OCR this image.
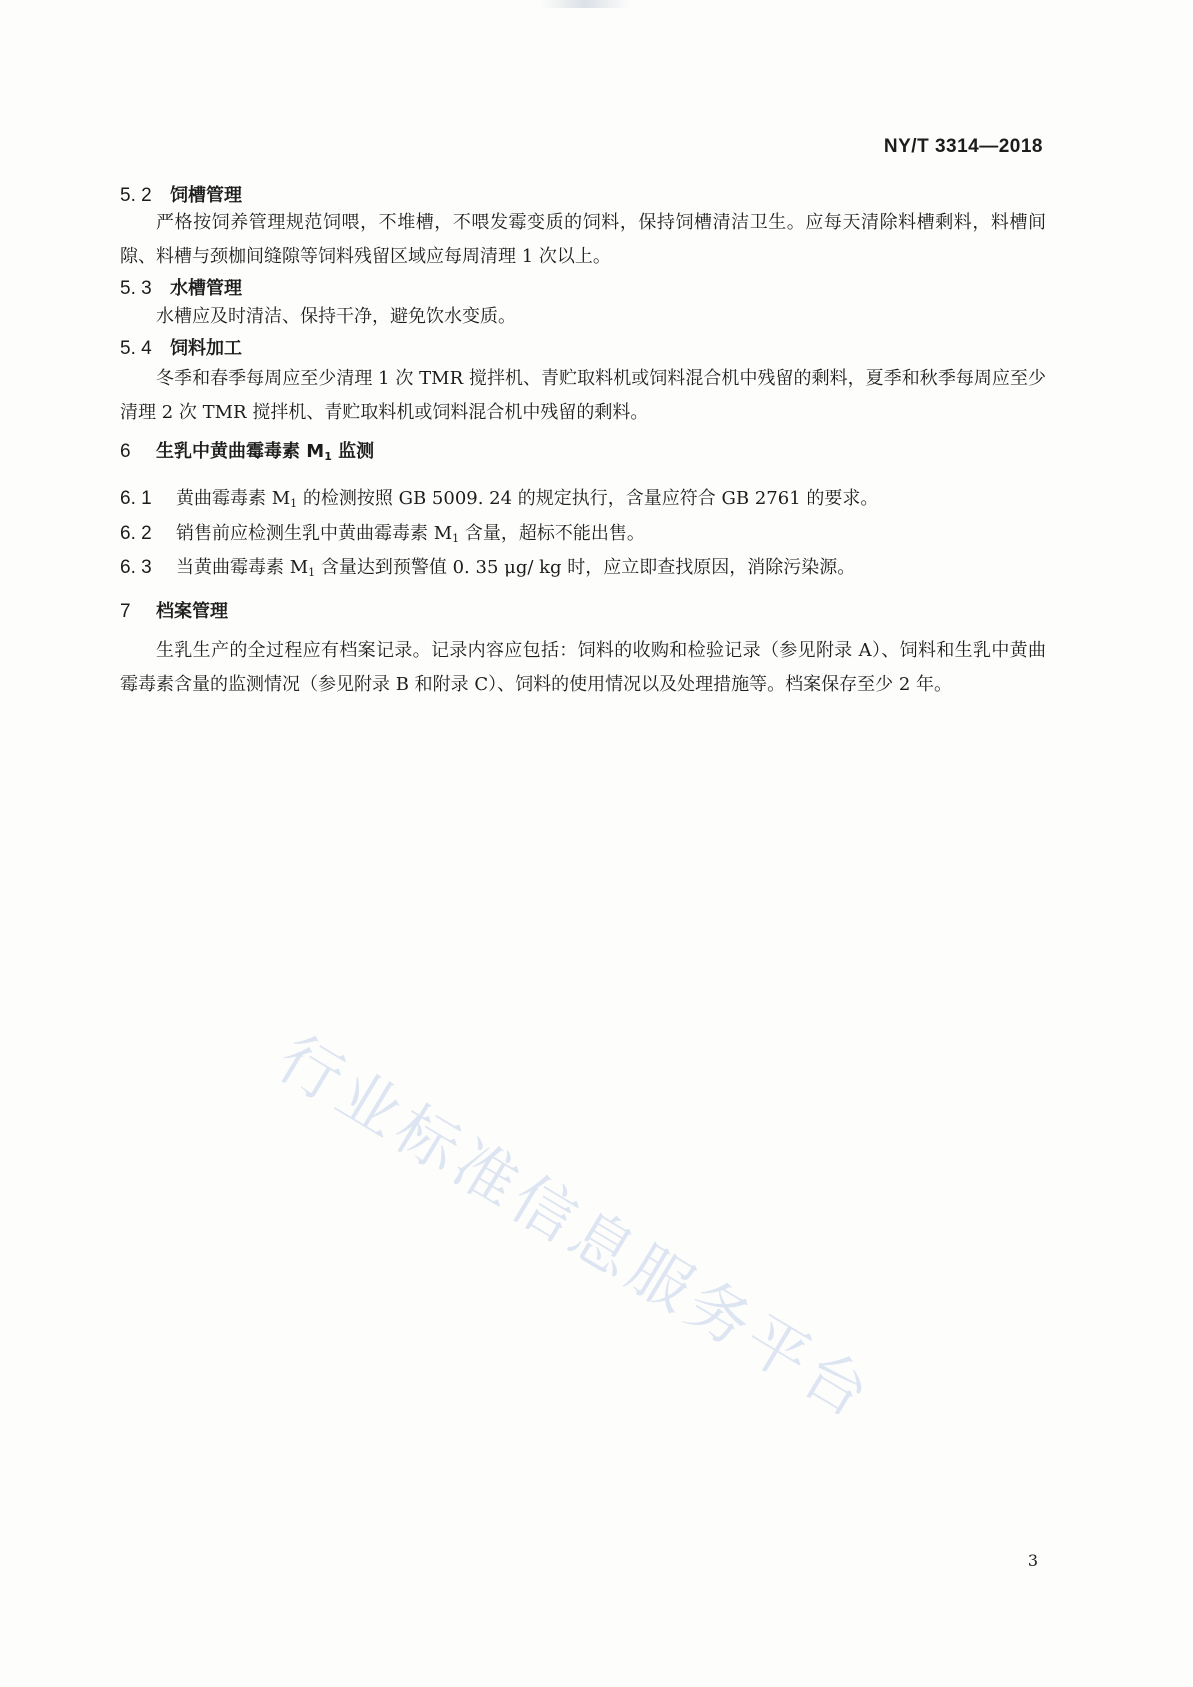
NY/T 3314—2018
5. 2 饲槽管理
严格按饲养管理规范饲喂，不堆槽，不喂发霉变质的饲料，保持饲槽清洁卫生。应每天清除料槽剩料，料槽间隙、料槽与颈枷间缝隙等饲料残留区域应每周清理 1 次以上。
5. 3 水槽管理
水槽应及时清洁、保持干净，避免饮水变质。
5. 4 饲料加工
冬季和春季每周应至少清理 1 次 TMR 搅拌机、青贮取料机或饲料混合机中残留的剩料，夏季和秋季每周应至少清理 2 次 TMR 搅拌机、青贮取料机或饲料混合机中残留的剩料。
6 生乳中黄曲霉毒素 $M_1$ 监测
6. 1 黄曲霉毒素 $M_1$ 的检测按照 GB 5009. 24 的规定执行，含量应符合 GB 2761 的要求。
6. 2 销售前应检测生乳中黄曲霉毒素 $M_1$ 含量，超标不能出售。
6. 3 当黄曲霉毒素 $M_1$ 含量达到预警值 0. 35 μg/ kg 时，应立即查找原因，消除污染源。
7 档案管理
生乳生产的全过程应有档案记录。记录内容应包括：饲料的收购和检验记录（参见附录 A）、饲料和生乳中黄曲霉毒素含量的监测情况（参见附录 B 和附录 C）、饲料的使用情况以及处理措施等。档案保存至少 2 年。
行业标准信息服务平台
3
